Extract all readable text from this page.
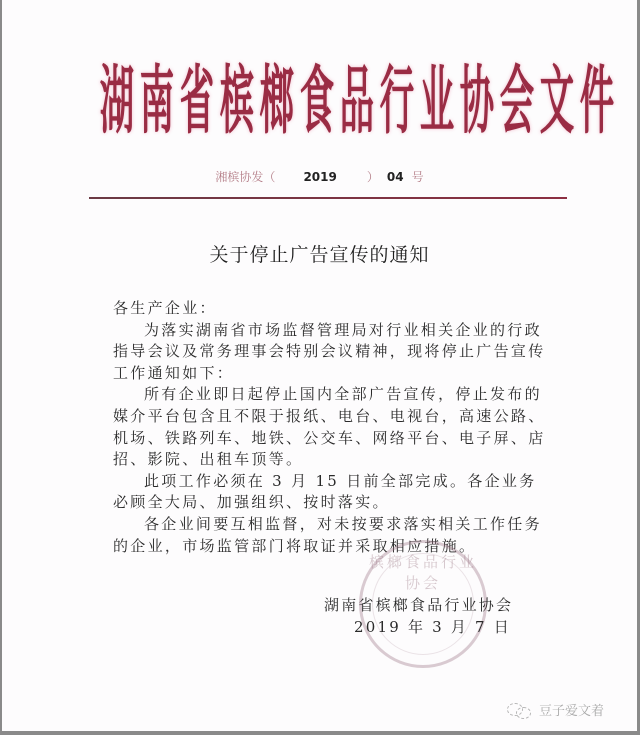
湖 南 省 槟 榔 食 品 行 业 协 会 文 件
湘槟协发（ 2019	） 04 号
关于停止广告宣传的通知

各生产企业：

为落实湖南省市场监督管理局对行业相关企业的行政指导会议及常务理事会特别会议精神，现将停止广告宣传工作通知如下：

所有企业即日起停止国内全部广告宣传，停止发布的媒介平台包含且不限于报纸、电台、电视台，高速公路、机场、铁路列车、地铁、公交车、网络平台、电子屏、店招、影院、出租车顶等。

此项工作必须在 3 月 15 日前全部完成。各企业务必顾全大局、加强组织、按时落实。

各企业间要互相监督，对未按要求落实相关工作任务的企业，市场监管部门将取证并采取相应措施。

槟榔食品行业协会
湖南省槟榔食品行业协会
2019 年 3 月 7 日
豆子爱文着
